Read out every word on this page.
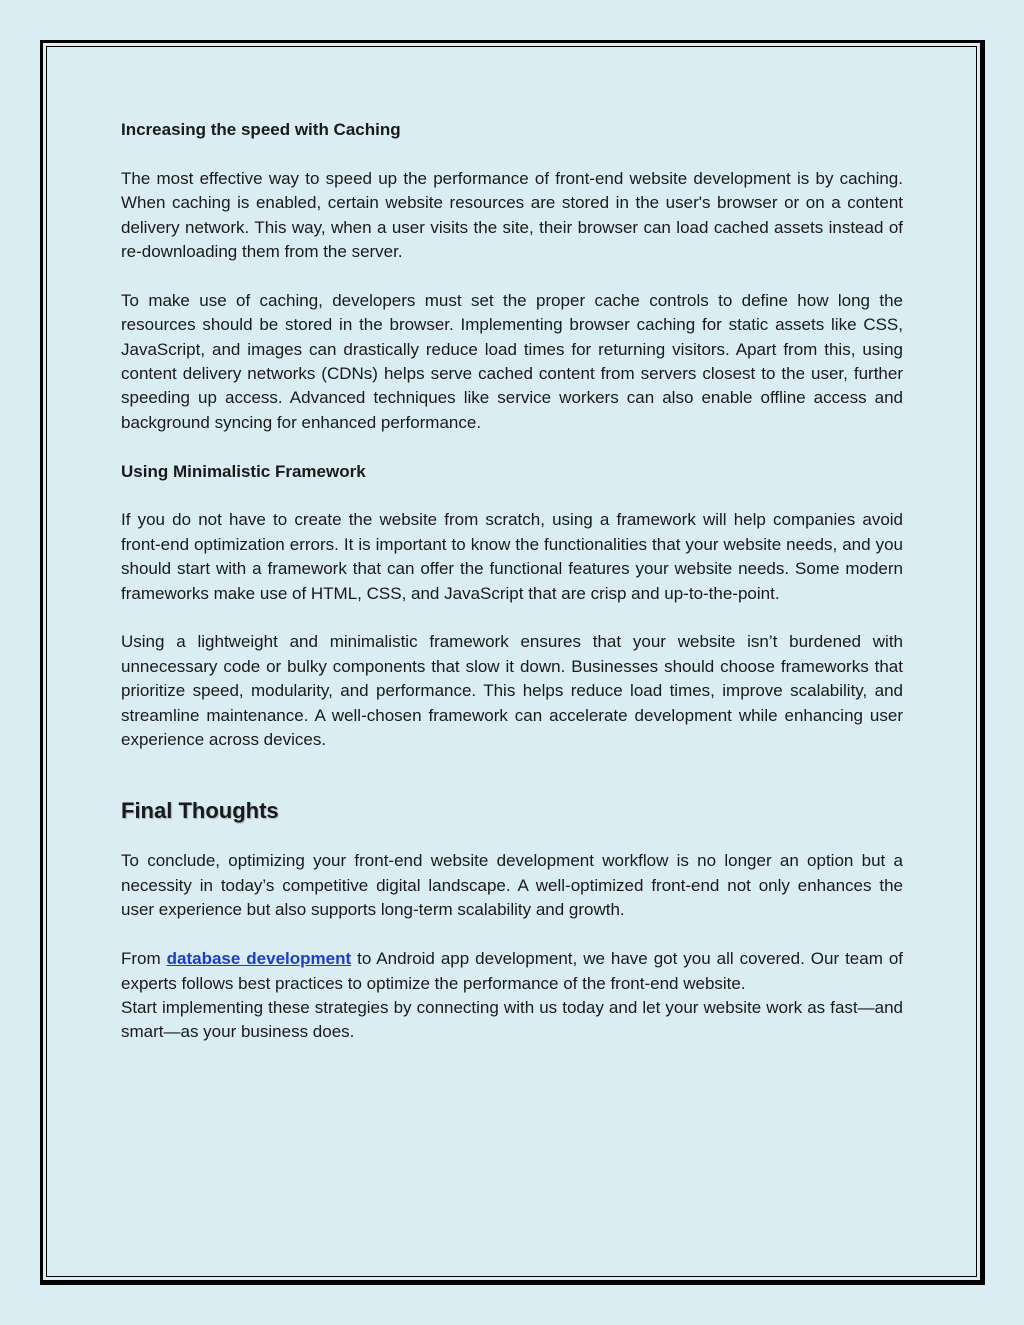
Increasing the speed with Caching

The most effective way to speed up the performance of front-end website development is by caching. When caching is enabled, certain website resources are stored in the user's browser or on a content delivery network. This way, when a user visits the site, their browser can load cached assets instead of re-downloading them from the server.

To make use of caching, developers must set the proper cache controls to define how long the resources should be stored in the browser. Implementing browser caching for static assets like CSS, JavaScript, and images can drastically reduce load times for returning visitors. Apart from this, using content delivery networks (CDNs) helps serve cached content from servers closest to the user, further speeding up access. Advanced techniques like service workers can also enable offline access and background syncing for enhanced performance.

Using Minimalistic Framework

If you do not have to create the website from scratch, using a framework will help companies avoid front-end optimization errors. It is important to know the functionalities that your website needs, and you should start with a framework that can offer the functional features your website needs. Some modern frameworks make use of HTML, CSS, and JavaScript that are crisp and up-to-the-point.

Using a lightweight and minimalistic framework ensures that your website isn’t burdened with unnecessary code or bulky components that slow it down. Businesses should choose frameworks that prioritize speed, modularity, and performance. This helps reduce load times, improve scalability, and streamline maintenance. A well-chosen framework can accelerate development while enhancing user experience across devices.

Final Thoughts

To conclude, optimizing your front-end website development workflow is no longer an option but a necessity in today’s competitive digital landscape. A well-optimized front-end not only enhances the user experience but also supports long-term scalability and growth.

From database development to Android app development, we have got you all covered. Our team of experts follows best practices to optimize the performance of the front-end website.

Start implementing these strategies by connecting with us today and let your website work as fast—and smart—as your business does.
